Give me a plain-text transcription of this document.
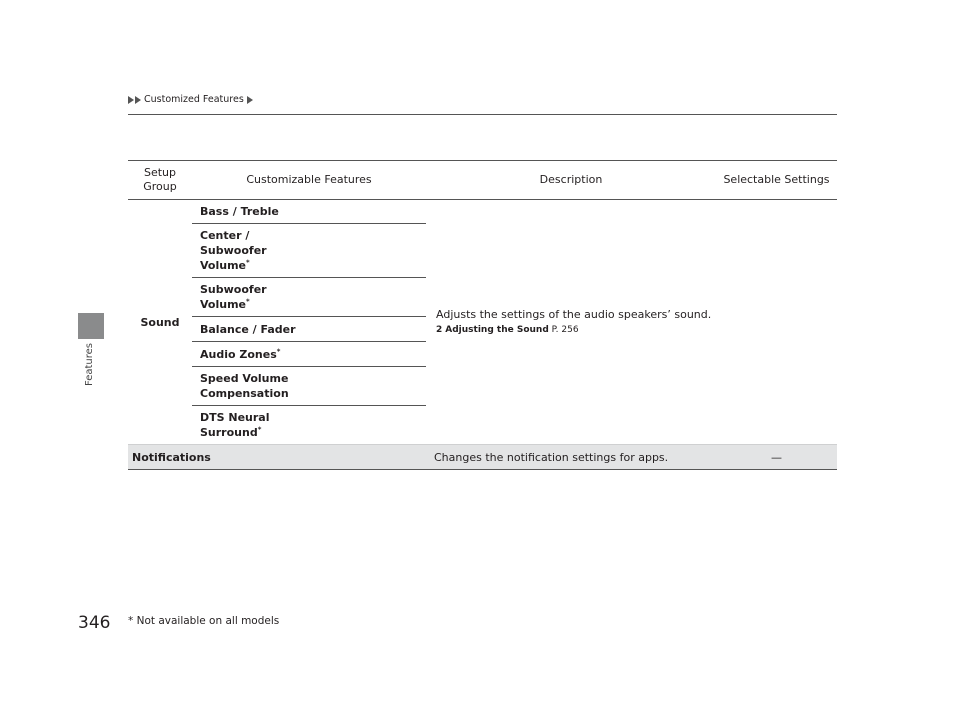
Features
Customized Features
Setup
Group	Customizable Features	Description	Selectable Settings
Sound	Bass / Treble	Adjusts the settings of the audio speakers’ sound.
2 Adjusting the Sound P. 256	

	Center /
Subwoofer
Volume*
	Subwoofer
Volume*
	Balance / Fader		
	Audio Zones*
	Speed Volume
Compensation		
	DTS Neural
Surround*
Notifications		Changes the notification settings for apps.	—
346 * Not available on all models
